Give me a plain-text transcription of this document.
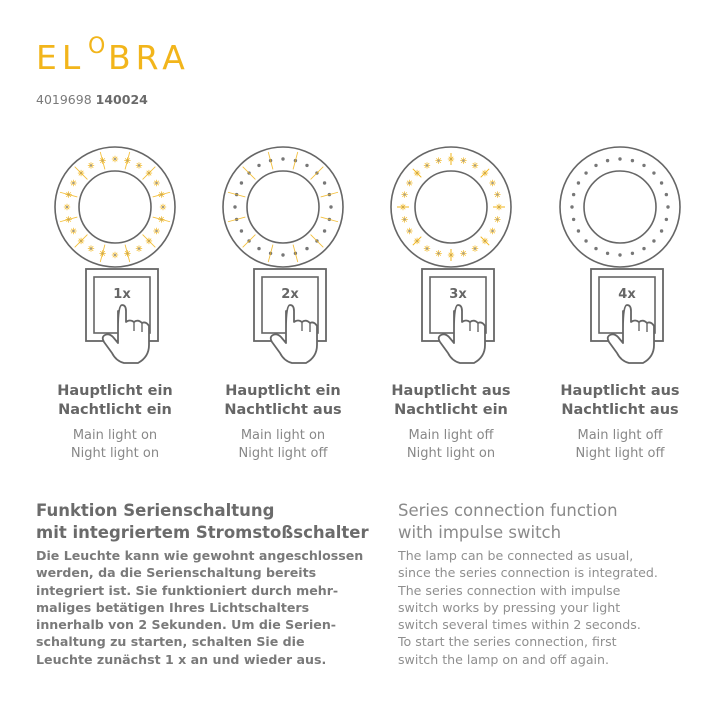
EL O BRA
4019698 140024
1x
Hauptlicht ein
Nachtlicht ein
Main light on
Night light on
2x
Hauptlicht ein
Nachtlicht aus
Main light on
Night light off
3x
Hauptlicht aus
Nachtlicht ein
Main light off
Night light on
4x
Hauptlicht aus
Nachtlicht aus
Main light off
Night light off
Funktion Serienschaltung
mit integriertem Stromstoßschalter
Die Leuchte kann wie gewohnt angeschlossen
werden, da die Serienschaltung bereits
integriert ist. Sie funktioniert durch mehr-
maliges betätigen Ihres Lichtschalters
innerhalb von 2 Sekunden. Um die Serien-
schaltung zu starten, schalten Sie die
Leuchte zunächst 1 x an und wieder aus.
Series connection function
with impulse switch
The lamp can be connected as usual,
since the series connection is integrated.
The series connection with impulse
switch works by pressing your light
switch several times within 2 seconds.
To start the series connection, first
switch the lamp on and off again.
